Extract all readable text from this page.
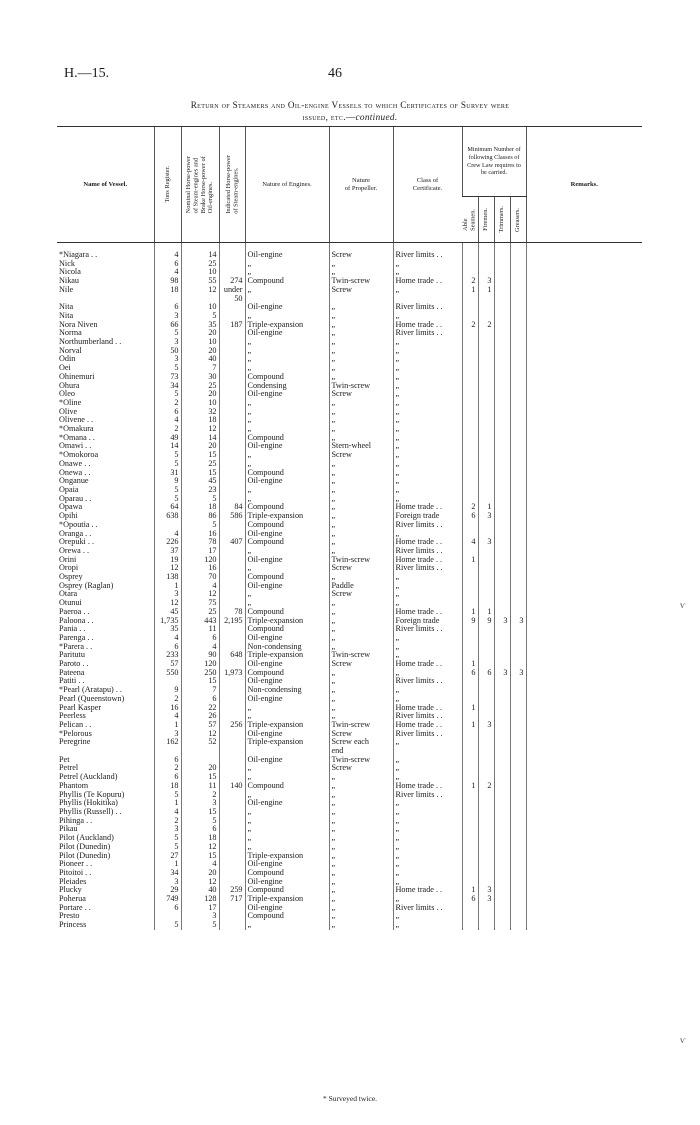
H.—15.	46
Return of Steamers and Oil-engine Vessels to which Certificates of Survey were
issued, etc.—continued.
Name of Vessel.	Tons Register.	Nominal Horse-power
of Steam-engines and
Brake Horse-power of
Oil-engines.	Indicated Horse-power
of Steam-engines.	Nature of Engines.	Nature
of Propeller.	Class of
Certificate.	Minimum Number of following Classes of Crew Law requires to be carried.				Remarks.

							Able
Seamen.	Firemen.	Trimmers.	Greasers.	

*Niagara . .	4	14		Oil-engine	Screw	River limits . .					
Nick	6	25		„	„	„					
Nicola	4	10		„	„	„					
Nikau	98	55	274	Compound	Twin-screw	Home trade . .	2	3			
Nile	18	12	under	„	Screw	„	1	1			
			50								
Nita	6	10		Oil-engine	„	River limits . .					
Nita	3	5		„	„	„					
Nora Niven	66	35	187	Triple-expansion	„	Home trade . .	2	2			
Norma	5	20		Oil-engine	„	River limits . .					
Northumberland . .	3	10		„	„	„					
Norval	50	20		„	„	„					
Odin	3	40		„	„	„					
Oei	5	7		„	„	„					
Ohinemuri	73	30		Compound	„	„					
Ohura	34	25		Condensing	Twin-screw	„					
Oleo	5	20		Oil-engine	Screw	„					
*Oline	2	10		„	„	„					
Olive	6	32		„	„	„					
Olivene . .	4	18		„	„	„					
*Omakura	2	12		„	„	„					
*Omana . .	49	14		Compound	„	„					
Omawi . .	14	20		Oil-engine	Stern-wheel	„					
*Omokoroa	5	15		„	Screw	„					
Onawe . .	5	25		„	„	„					
Onewa . .	31	15		Compound	„	„					
Onganue	9	45		Oil-engine	„	„					
Opaia	5	23		„	„	„					
Oparau . .	5	5		„	„	„					
Opawa	64	18	84	Compound	„	Home trade . .	2	1			
Opihi	638	86	586	Triple-expansion	„	Foreign trade	6	3			
*Opoutia . .		5		Compound	„	River limits . .					
Oranga . .	4	16		Oil-engine	„	„					
Orepuki . .	226	78	407	Compound	„	Home trade . .	4	3			
Orewa . .	37	17		„	„	River limits . .					
Orini	19	120		Oil-engine	Twin-screw	Home trade . .	1				
Oropi	12	16		„	Screw	River limits . .					
Osprey	138	70		Compound	„	„					
Osprey (Raglan)	1	4		Oil-engine	Paddle	„					
Otara	3	12		„	Screw	„					
Otunui	12	75		„	„	„					
Paeroa . .	45	25	78	Compound	„	Home trade . .	1	1			
Paloona . .	1,735	443	2,195	Triple-expansion	„	Foreign trade	9	9	3	3	
Pania . .	35	11		Compound	„	River limits . .					
Parenga . .	4	6		Oil-engine	„	„					
*Parera . .	6	4		Non-condensing	„	„					
Paritutu	233	90	648	Triple-expansion	Twin-screw	„					
Paroto . .	57	120		Oil-engine	Screw	Home trade . .	1				
Pateena	550	250	1,973	Compound	„	„	6	6	3	3	
Patiti . .		15		Oil-engine	„	River limits . .					
*Pearl (Aratapu) . .	9	7		Non-condensing	„	„					
Pearl (Queenstown)	2	6		Oil-engine	„	„					
Pearl Kasper	16	22		„	„	Home trade . .	1				
Peerless	4	26		„	„	River limits . .					
Pelican . .	1	57	256	Triple-expansion	Twin-screw	Home trade . .	1	3			
*Pelorous	3	12		Oil-engine	Screw	River limits . .					
Peregrine	162	52		Triple-expansion	Screw each	„					
					end						
Pet	6			Oil-engine	Twin-screw	„					
Petrel	2	20		„	Screw	„					
Petrel (Auckland)	6	15		„	„	„					
Phantom	18	11	140	Compound	„	Home trade . .	1	2			
Phyllis (Te Kopuru)	5	2		„	„	River limits . .					
Phyllis (Hokitika)	1	3		Oil-engine	„	„					
Phyllis (Russell) . .	4	15		„	„	„					
Pihinga . .	2	5		„	„	„					
Pikau	3	6		„	„	„					
Pilot (Auckland)	5	18		„	„	„					
Pilot (Dunedin)	5	12		„	„	„					
Pilot (Dunedin)	27	15		Triple-expansion	„	„					
Pioneer . .	1	4		Oil-engine	„	„					
Pitoitoi . .	34	20		Compound	„	„					
Pleiades	3	12		Oil-engine	„	„					
Plucky	29	40	259	Compound	„	Home trade . .	1	3			
Poherua	749	128	717	Triple-expansion	„	„	6	3			
Portare . .	6	17		Oil-engine	„	River limits . .					
Presto		3		Compound	„	„					
Princess	5	5		„	„	„					
* Surveyed twice.
ⱱ
ⱱ
